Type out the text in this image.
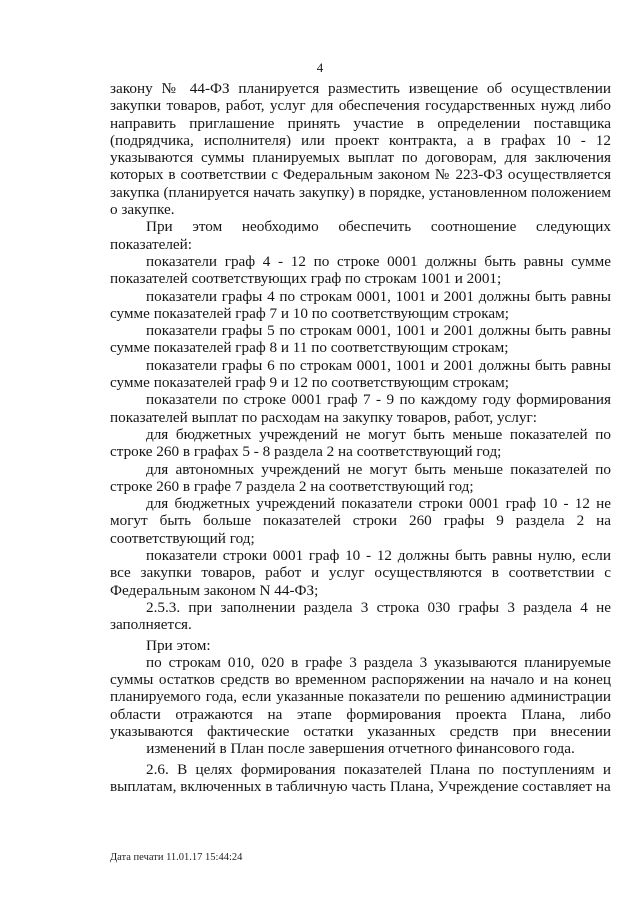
4

закону № 44-ФЗ планируется разместить извещение об осуществлении закупки товаров, работ, услуг для обеспечения государственных нужд либо направить приглашение принять участие в определении поставщика (подрядчика, исполнителя) или проект контракта, а в графах 10 - 12 указываются суммы планируемых выплат по договорам, для заключения которых в соответствии с Федеральным законом № 223-ФЗ осуществляется закупка (планируется начать закупку) в порядке, установленном положением о закупке.

При этом необходимо обеспечить соотношение следующих показателей:

показатели граф 4 - 12 по строке 0001 должны быть равны сумме показателей соответствующих граф по строкам 1001 и 2001;

показатели графы 4 по строкам 0001, 1001 и 2001 должны быть равны сумме показателей граф 7 и 10 по соответствующим строкам;

показатели графы 5 по строкам 0001, 1001 и 2001 должны быть равны сумме показателей граф 8 и 11 по соответствующим строкам;

показатели графы 6 по строкам 0001, 1001 и 2001 должны быть равны сумме показателей граф 9 и 12 по соответствующим строкам;

показатели по строке 0001 граф 7 - 9 по каждому году формирования показателей выплат по расходам на закупку товаров, работ, услуг:

для бюджетных учреждений не могут быть меньше показателей по строке 260 в графах 5 - 8 раздела 2 на соответствующий год;

для автономных учреждений не могут быть меньше показателей по строке 260 в графе 7 раздела 2 на соответствующий год;

для бюджетных учреждений показатели строки 0001 граф 10 - 12 не могут быть больше показателей строки 260 графы 9 раздела 2 на соответствующий год;

показатели строки 0001 граф 10 - 12 должны быть равны нулю, если все закупки товаров, работ и услуг осуществляются в соответствии с Федеральным законом N 44-ФЗ;

2.5.3. при заполнении раздела 3 строка 030 графы 3 раздела 4 не заполняется.

При этом:

по строкам 010, 020 в графе 3 раздела 3 указываются планируемые суммы остатков средств во временном распоряжении на начало и на конец планируемого года, если указанные показатели по решению администрации области отражаются на этапе формирования проекта Плана, либо указываются фактические остатки указанных средств при внесении изменений в План после завершения отчетного финансового года.

2.6. В целях формирования показателей Плана по поступлениям и выплатам, включенных в табличную часть Плана, Учреждение составляет на

Дата печати 11.01.17 15:44:24
